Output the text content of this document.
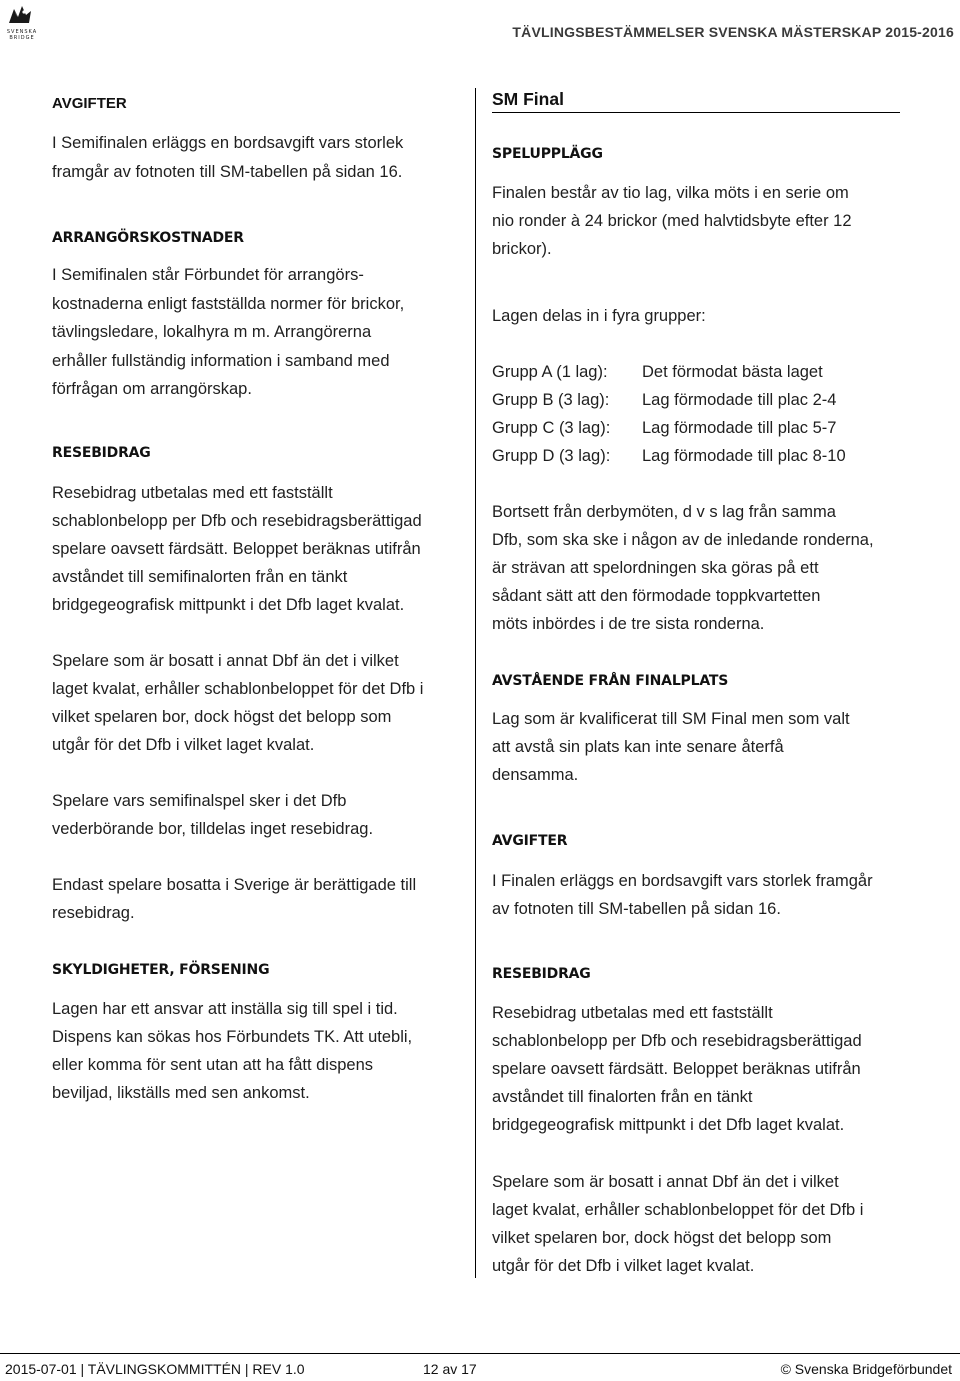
SVENSKA BRIDGE	TÄVLINGSBESTÄMMELSER SVENSKA MÄSTERSKAP 2015-2016
AVGIFTER
I Semifinalen erläggs en bordsavgift vars storlek
framgår av fotnoten till SM-tabellen på sidan 16.
ARRANGÖRSKOSTNADER
I Semifinalen står Förbundet för arrangörs-
kostnaderna enligt fastställda normer för brickor,
tävlingsledare, lokalhyra m m. Arrangörerna
erhåller fullständig information i samband med
förfrågan om arrangörskap.
RESEBIDRAG
Resebidrag utbetalas med ett fastställt
schablonbelopp per Dfb och resebidragsberättigad
spelare oavsett färdsätt. Beloppet beräknas utifrån
avståndet till semifinalorten från en tänkt
bridgegeografisk mittpunkt i det Dfb laget kvalat.
Spelare som är bosatt i annat Dbf än det i vilket
laget kvalat, erhåller schablonbeloppet för det Dfb i
vilket spelaren bor, dock högst det belopp som
utgår för det Dfb i vilket laget kvalat.
Spelare vars semifinalspel sker i det Dfb
vederbörande bor, tilldelas inget resebidrag.
Endast spelare bosatta i Sverige är berättigade till
resebidrag.
SKYLDIGHETER, FÖRSENING
Lagen har ett ansvar att inställa sig till spel i tid.
Dispens kan sökas hos Förbundets TK. Att utebli,
eller komma för sent utan att ha fått dispens
beviljad, likställs med sen ankomst.
SM Final
SPELUPPLÄGG
Finalen består av tio lag, vilka möts i en serie om
nio ronder à 24 brickor (med halvtidsbyte efter 12
brickor).
Lagen delas in i fyra grupper:
Grupp A (1 lag): Det förmodat bästa laget
Grupp B (3 lag): Lag förmodade till plac 2-4
Grupp C (3 lag): Lag förmodade till plac 5-7
Grupp D (3 lag): Lag förmodade till plac 8-10
Bortsett från derbymöten, d v s lag från samma
Dfb, som ska ske i någon av de inledande ronderna,
är strävan att spelordningen ska göras på ett
sådant sätt att den förmodade toppkvartetten
möts inbördes i de tre sista ronderna.
AVSTÅENDE FRÅN FINALPLATS
Lag som är kvalificerat till SM Final men som valt
att avstå sin plats kan inte senare återfå
densamma.
AVGIFTER
I Finalen erläggs en bordsavgift vars storlek framgår
av fotnoten till SM-tabellen på sidan 16.
RESEBIDRAG
Resebidrag utbetalas med ett fastställt
schablonbelopp per Dfb och resebidragsberättigad
spelare oavsett färdsätt. Beloppet beräknas utifrån
avståndet till finalorten från en tänkt
bridgegeografisk mittpunkt i det Dfb laget kvalat.
Spelare som är bosatt i annat Dbf än det i vilket
laget kvalat, erhåller schablonbeloppet för det Dfb i
vilket spelaren bor, dock högst det belopp som
utgår för det Dfb i vilket laget kvalat.
2015-07-01 | TÄVLINGSKOMMITTÉN | REV 1.0	12 av 17	© Svenska Bridgeförbundet
